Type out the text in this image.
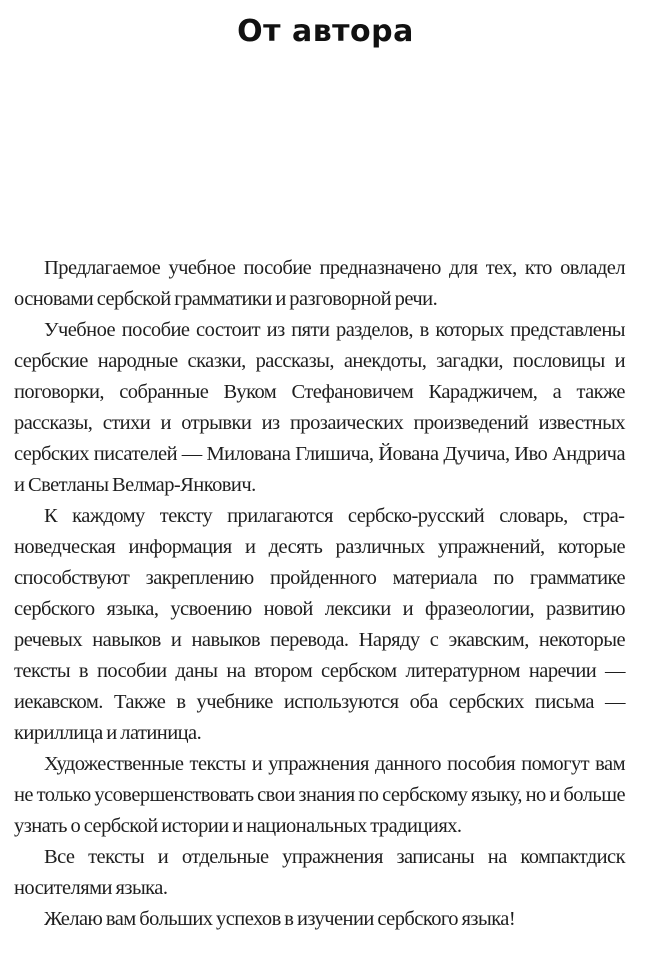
От автора

Предлагаемое учебное пособие предназначено для тех, кто овладел основами сербской грамматики и разговорной речи.

Учебное пособие состоит из пяти разделов, в которых представлены сербские народные сказки, рассказы, анекдоты, загадки, пословицы и поговорки, собранные Вуком Стефановичем Караджичем, а также рассказы, стихи и отрывки из прозаических произведений известных сербских писателей — Милована Глишича, Йована Дучича, Иво Андрича и Светланы Велмар-Янкович.

К каждому тексту прилагаются сербско-русский словарь, страноведческая информация и десять различных упражнений, которые способствуют закреплению пройденного материала по грамматике сербского языка, усвоению новой лексики и фразеологии, развитию речевых навыков и навыков перевода. Наряду с экавским, некоторые тексты в пособии даны на втором сербском литературном наречии — иекавском. Также в учебнике используются оба сербских письма — кириллица и латиница.

Художественные тексты и упражнения данного пособия помогут вам не только усовершенствовать свои знания по сербскому языку, но и больше узнать о сербской истории и национальных традициях.

Все тексты и отдельные упражнения записаны на компактдиск носителями языка.

Желаю вам больших успехов в изучении сербского языка!
